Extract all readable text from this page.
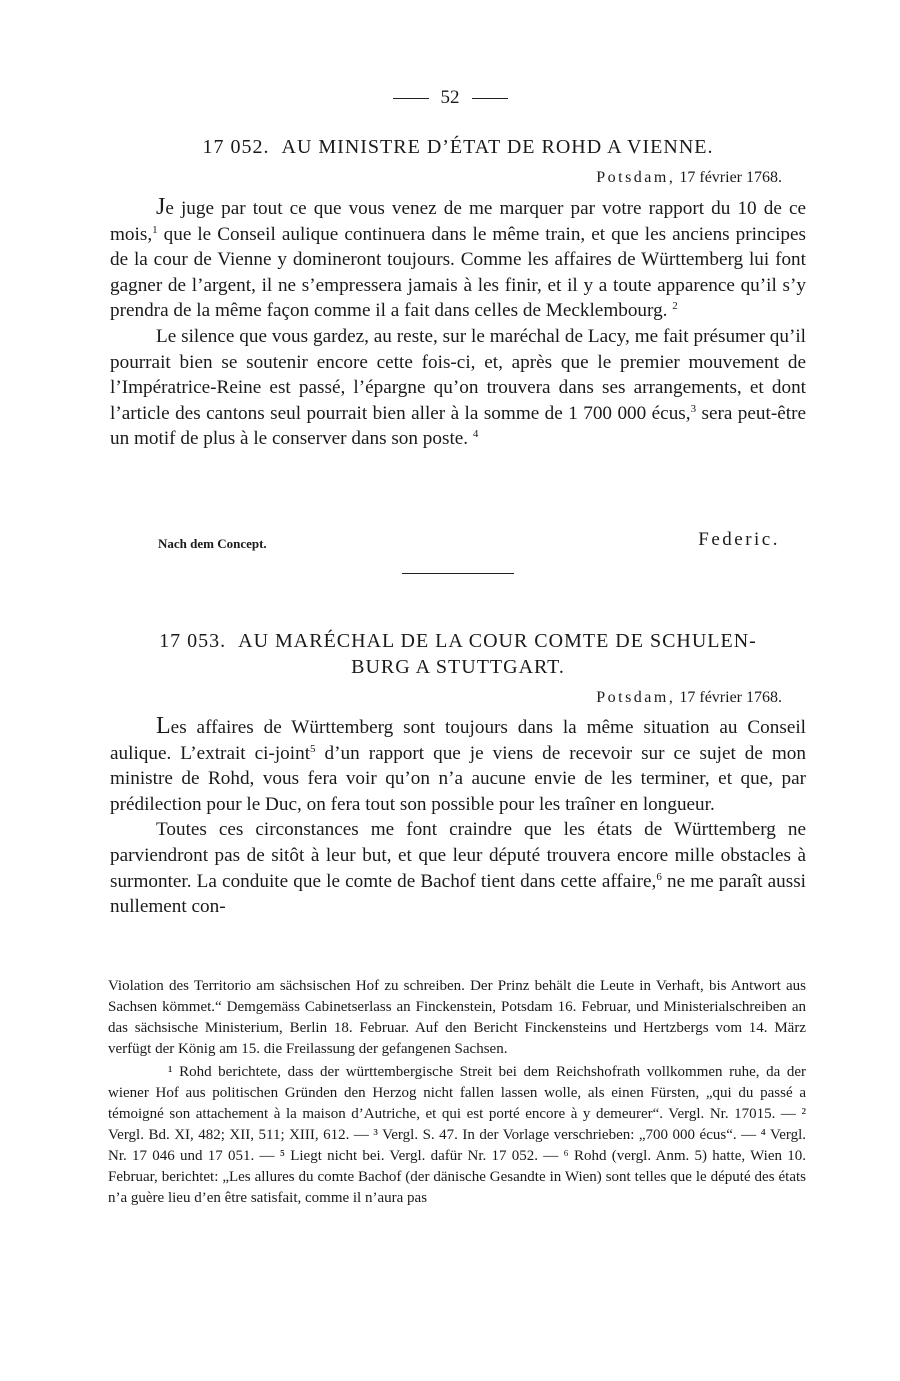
52
17 052. AU MINISTRE D’ÉTAT DE ROHD A VIENNE.
Potsdam, 17 février 1768.

Je juge par tout ce que vous venez de me marquer par votre rapport du 10 de ce mois,$^1$ que le Conseil aulique continuera dans le même train, et que les anciens principes de la cour de Vienne y domineront toujours. Comme les affaires de Württemberg lui font gagner de l’argent, il ne s’empressera jamais à les finir, et il y a toute apparence qu’il s’y prendra de la même façon comme il a fait dans celles de Mecklembourg. $^2$

Le silence que vous gardez, au reste, sur le maréchal de Lacy, me fait présumer qu’il pourrait bien se soutenir encore cette fois-ci, et, après que le premier mouvement de l’Impératrice-Reine est passé, l’épargne qu’on trouvera dans ses arrangements, et dont l’article des cantons seul pourrait bien aller à la somme de 1 700 000 écus,$^3$ sera peut-être un motif de plus à le conserver dans son poste. $^4$

Nach dem Concept.	Federic.
17 053. AU MARÉCHAL DE LA COUR COMTE DE SCHULEN-
BURG A STUTTGART.
Potsdam, 17 février 1768.

Les affaires de Württemberg sont toujours dans la même situation au Conseil aulique. L’extrait ci-joint$^5$ d’un rapport que je viens de recevoir sur ce sujet de mon ministre de Rohd, vous fera voir qu’on n’a aucune envie de les terminer, et que, par prédilection pour le Duc, on fera tout son possible pour les traîner en longueur.

Toutes ces circonstances me font craindre que les états de Württemberg ne parviendront pas de sitôt à leur but, et que leur député trouvera encore mille obstacles à surmonter. La conduite que le comte de Bachof tient dans cette affaire,$^6$ ne me paraît aussi nullement con-

Violation des Territorio am sächsischen Hof zu schreiben. Der Prinz behält die Leute in Verhaft, bis Antwort aus Sachsen kömmet.“ Demgemäss Cabinetserlass an Finckenstein, Potsdam 16. Februar, und Ministerialschreiben an das sächsische Ministerium, Berlin 18. Februar. Auf den Bericht Finckensteins und Hertzbergs vom 14. März verfügt der König am 15. die Freilassung der gefangenen Sachsen.

¹ Rohd berichtete, dass der württembergische Streit bei dem Reichshofrath vollkommen ruhe, da der wiener Hof aus politischen Gründen den Herzog nicht fallen lassen wolle, als einen Fürsten, „qui du passé a témoigné son attachement à la maison d’Autriche, et qui est porté encore à y demeurer“. Vergl. Nr. 17015. — ² Vergl. Bd. XI, 482; XII, 511; XIII, 612. — ³ Vergl. S. 47. In der Vorlage verschrieben: „700 000 écus“. — ⁴ Vergl. Nr. 17 046 und 17 051. — ⁵ Liegt nicht bei. Vergl. dafür Nr. 17 052. — ⁶ Rohd (vergl. Anm. 5) hatte, Wien 10. Februar, berichtet: „Les allures du comte Bachof (der dänische Gesandte in Wien) sont telles que le député des états n’a guère lieu d’en être satisfait, comme il n’aura pas
